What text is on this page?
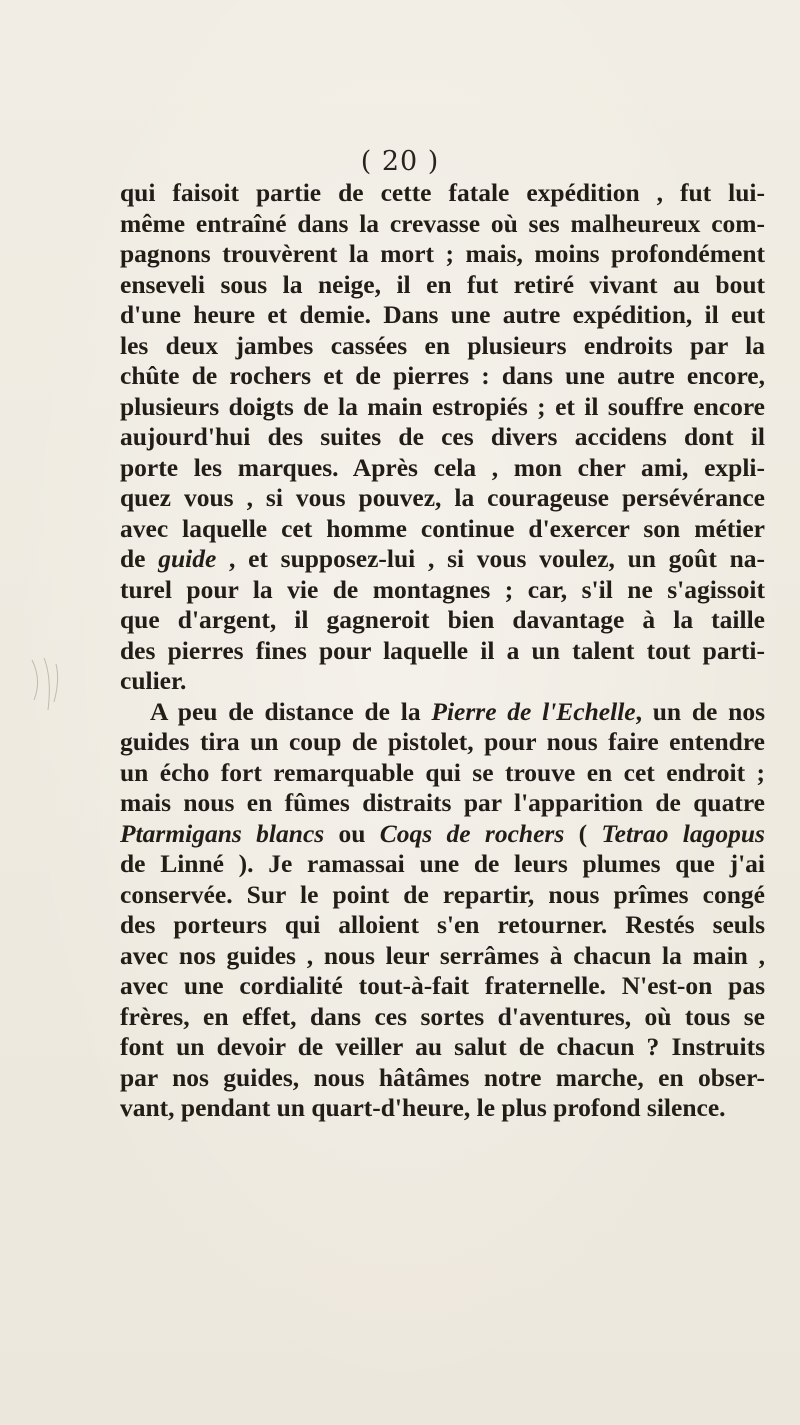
( 20 )
qui faisoit partie de cette fatale expédition , fut lui-
même entraîné dans la crevasse où ses malheureux com-
pagnons trouvèrent la mort ; mais, moins profondément
enseveli sous la neige, il en fut retiré vivant au bout
d'une heure et demie. Dans une autre expédition, il eut
les deux jambes cassées en plusieurs endroits par la
chûte de rochers et de pierres : dans une autre encore,
plusieurs doigts de la main estropiés ; et il souffre encore
aujourd'hui des suites de ces divers accidens dont il
porte les marques. Après cela , mon cher ami, expli-
quez vous , si vous pouvez, la courageuse persévérance
avec laquelle cet homme continue d'exercer son métier
de guide , et supposez-lui , si vous voulez, un goût na-
turel pour la vie de montagnes ; car, s'il ne s'agissoit
que d'argent, il gagneroit bien davantage à la taille
des pierres fines pour laquelle il a un talent tout parti-
culier.
A peu de distance de la Pierre de l'Echelle, un de nos
guides tira un coup de pistolet, pour nous faire entendre
un écho fort remarquable qui se trouve en cet endroit ;
mais nous en fûmes distraits par l'apparition de quatre
Ptarmigans blancs ou Coqs de rochers ( Tetrao lagopus
de Linné ). Je ramassai une de leurs plumes que j'ai
conservée. Sur le point de repartir, nous prîmes congé
des porteurs qui alloient s'en retourner. Restés seuls
avec nos guides , nous leur serrâmes à chacun la main ,
avec une cordialité tout-à-fait fraternelle. N'est-on pas
frères, en effet, dans ces sortes d'aventures, où tous se
font un devoir de veiller au salut de chacun ? Instruits
par nos guides, nous hâtâmes notre marche, en obser-
vant, pendant un quart-d'heure, le plus profond silence.
